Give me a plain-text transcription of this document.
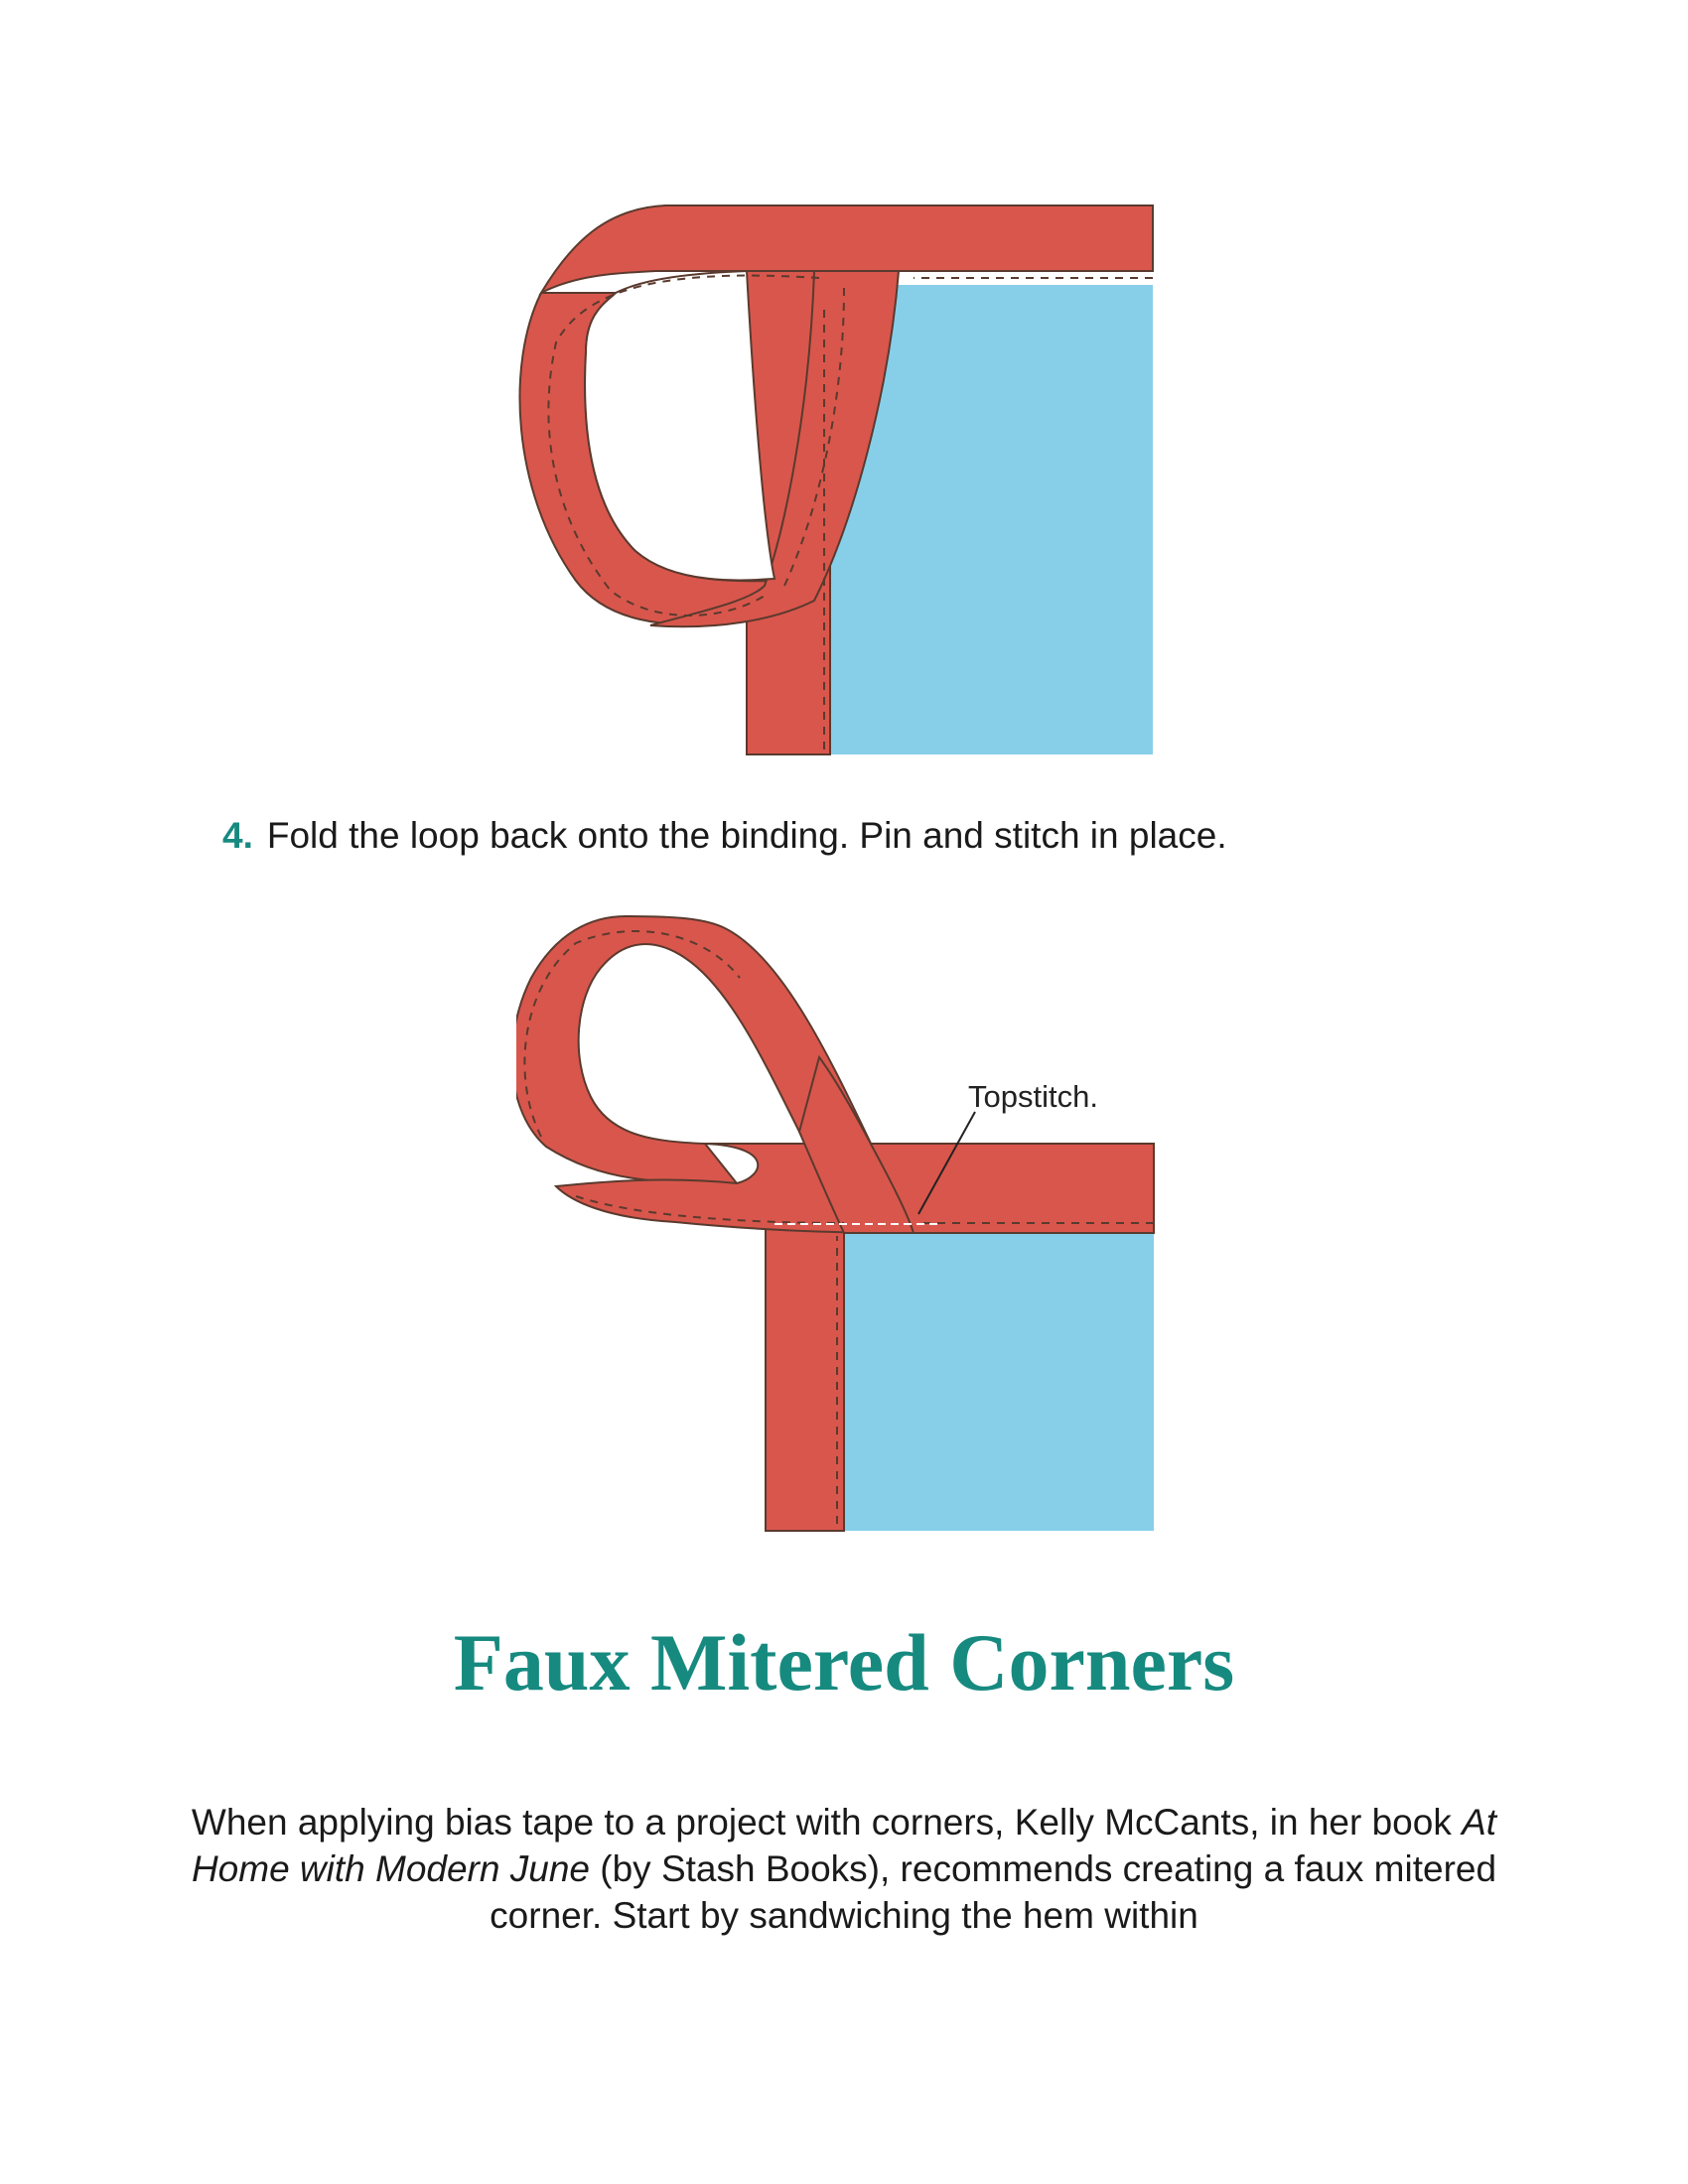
4. Fold the loop back onto the binding. Pin and stitch in place.
Topstitch.
Faux Mitered Corners
When applying bias tape to a project with corners, Kelly McCants, in her book At Home with Modern June (by Stash Books), recommends creating a faux mitered corner. Start by sandwiching the hem within
